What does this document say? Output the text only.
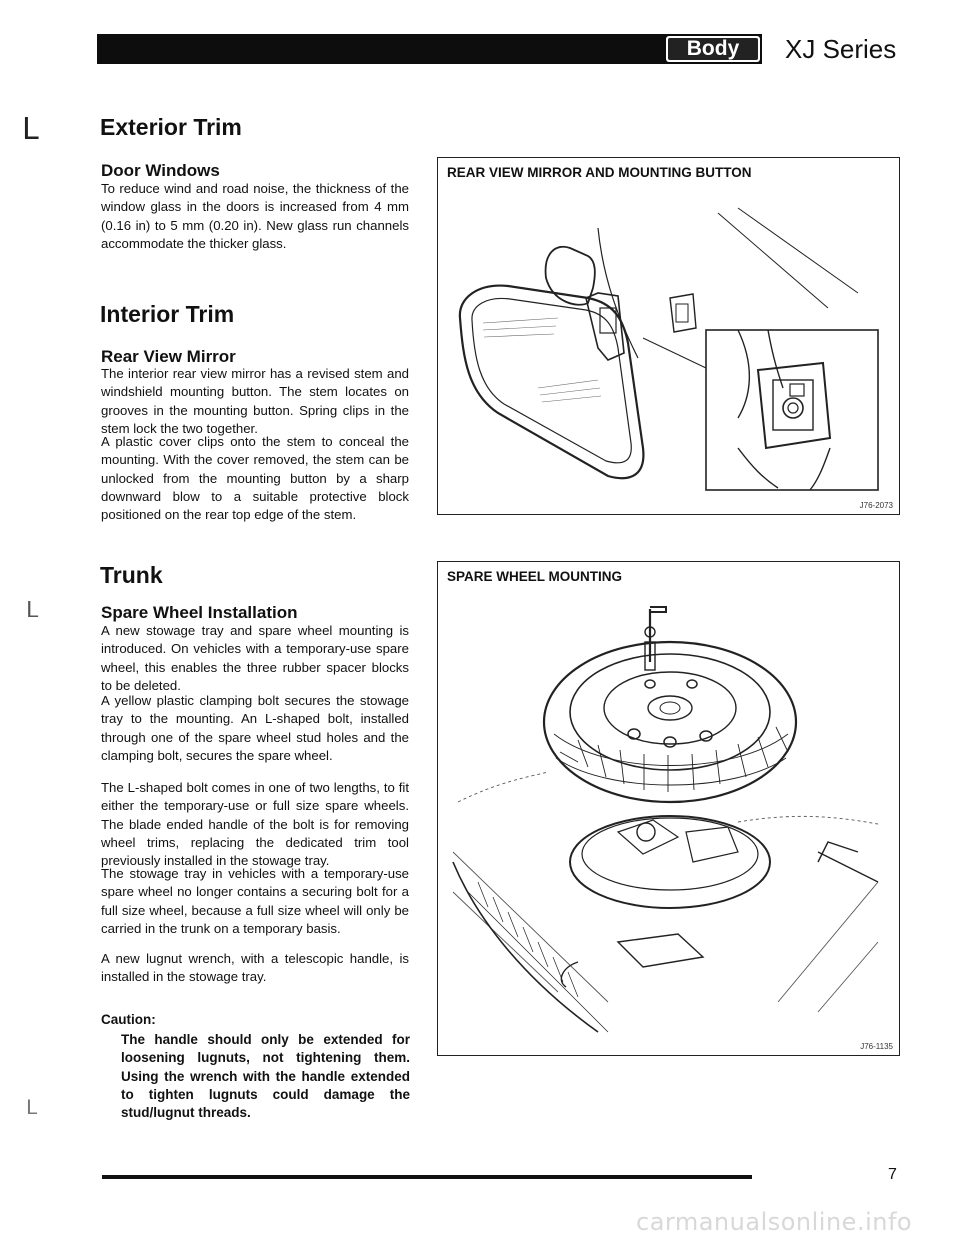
Body	XJ Series
ᒪ
ᒪ
ᒪ
Exterior Trim
Door Windows

To reduce wind and road noise, the thickness of the window glass in the doors is increased from 4 mm (0.16 in) to 5 mm (0.20 in). New glass run channels accommodate the thicker glass.

Interior Trim
Rear View Mirror

The interior rear view mirror has a revised stem and windshield mounting button. The stem locates on grooves in the mounting button. Spring clips in the stem lock the two together.

A plastic cover clips onto the stem to conceal the mounting. With the cover removed, the stem can be unlocked from the mounting button by a sharp downward blow to a suitable protective block positioned on the rear top edge of the stem.

Trunk
Spare Wheel Installation

A new stowage tray and spare wheel mounting is introduced. On vehicles with a temporary-use spare wheel, this enables the three rubber spacer blocks to be deleted.

A yellow plastic clamping bolt secures the stowage tray to the mounting. An L-shaped bolt, installed through one of the spare wheel stud holes and the clamping bolt, secures the spare wheel.

The L-shaped bolt comes in one of two lengths, to fit either the temporary-use or full size spare wheels. The blade ended handle of the bolt is for removing wheel trims, replacing the dedicated trim tool previously installed in the stowage tray.

The stowage tray in vehicles with a temporary-use spare wheel no longer contains a securing bolt for a full size wheel, because a full size wheel will only be carried in the trunk on a temporary basis.

A new lugnut wrench, with a telescopic handle, is installed in the stowage tray.

Caution:

The handle should only be extended for loosening lugnuts, not tightening them. Using the wrench with the handle extended to tighten lugnuts could damage the stud/lugnut threads.

REAR VIEW MIRROR AND MOUNTING BUTTON
J76-2073
SPARE WHEEL MOUNTING
J76-1135
7
carmanualsonline.info
